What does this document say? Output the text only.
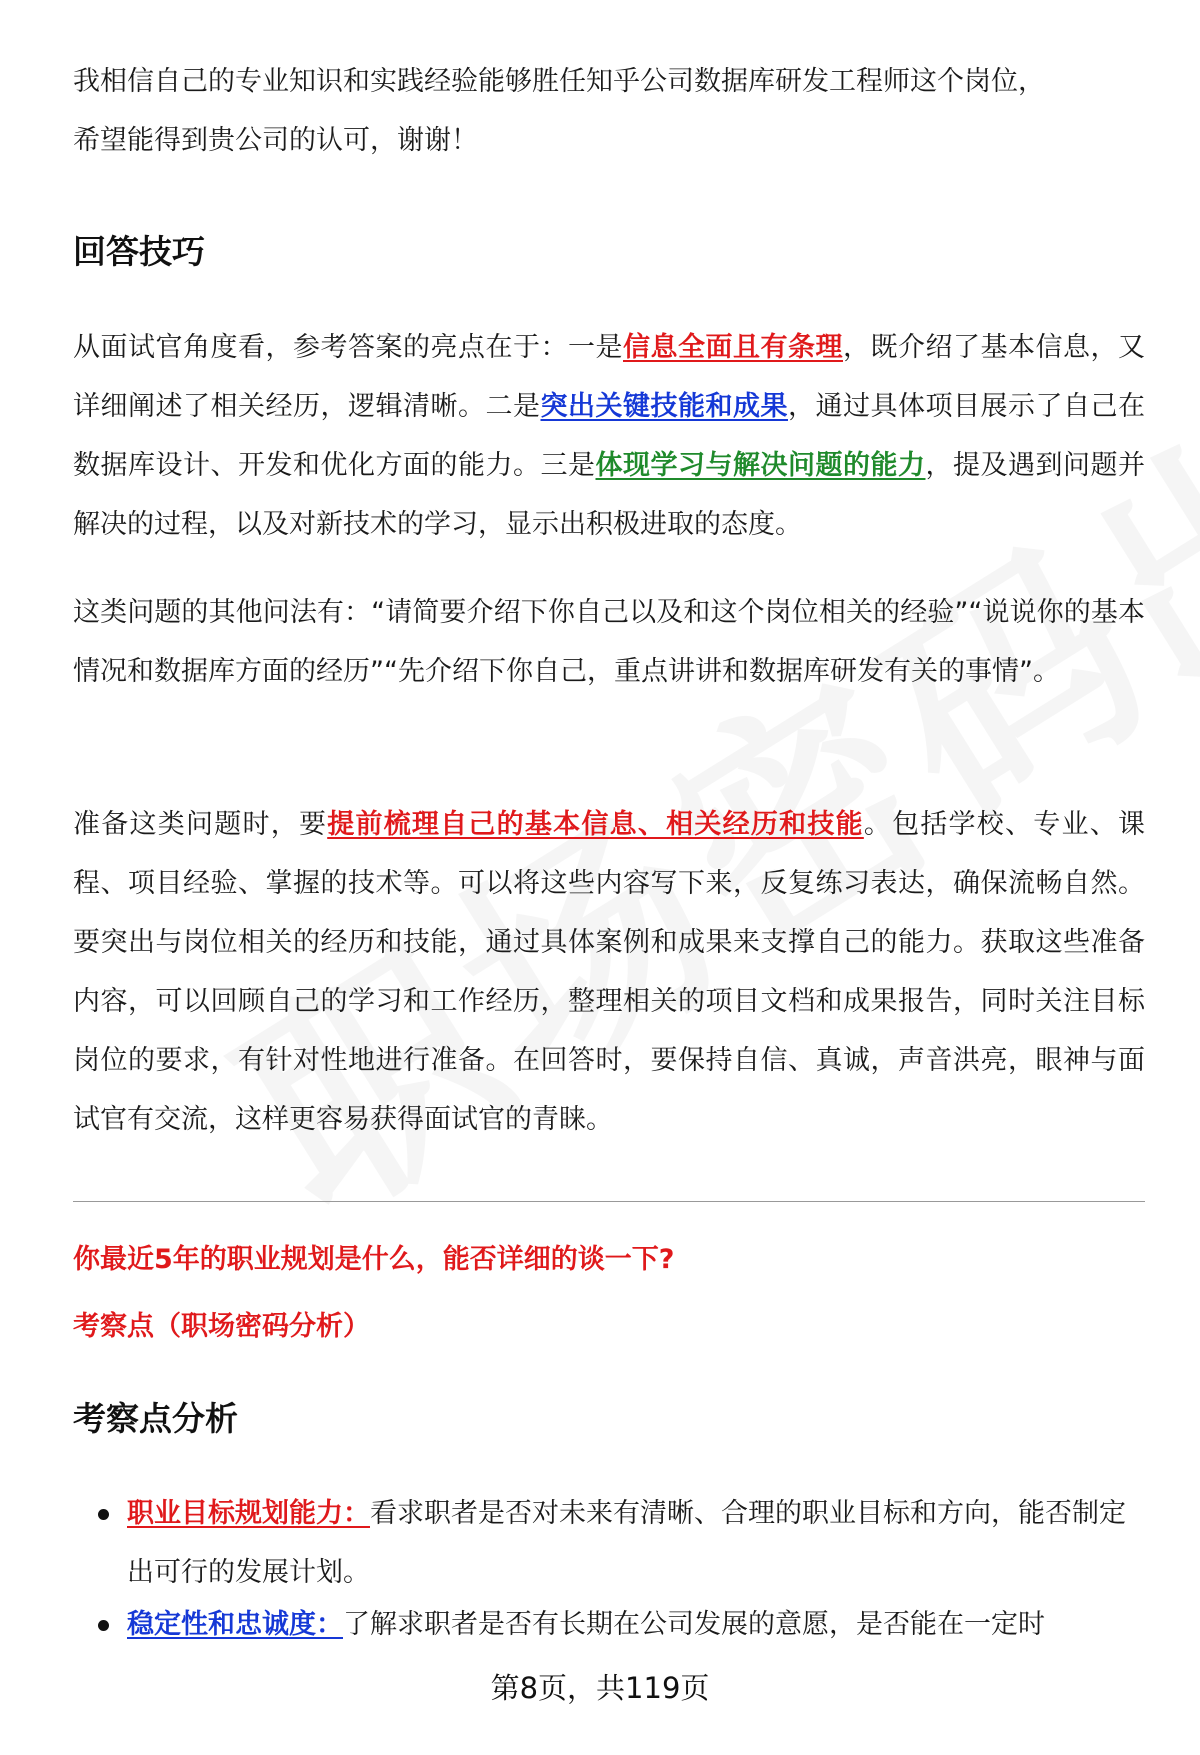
我相信自己的专业知识和实践经验能够胜任知乎公司数据库研发工程师这个岗位，
希望能得到贵公司的认可，谢谢！

回答技巧

从面试官角度看，参考答案的亮点在于：一是信息全面且有条理，既介绍了基本信息，又详细阐述了相关经历，逻辑清晰。二是突出关键技能和成果，通过具体项目展示了自己在数据库设计、开发和优化方面的能力。三是体现学习与解决问题的能力，提及遇到问题并解决的过程，以及对新技术的学习，显示出积极进取的态度。

这类问题的其他问法有：“请简要介绍下你自己以及和这个岗位相关的经验”“说说你的基本情况和数据库方面的经历”“先介绍下你自己，重点讲讲和数据库研发有关的事情”。

准备这类问题时，要提前梳理自己的基本信息、相关经历和技能。包括学校、专业、课程、项目经验、掌握的技术等。可以将这些内容写下来，反复练习表达，确保流畅自然。要突出与岗位相关的经历和技能，通过具体案例和成果来支撑自己的能力。获取这些准备内容，可以回顾自己的学习和工作经历，整理相关的项目文档和成果报告，同时关注目标岗位的要求，有针对性地进行准备。在回答时，要保持自信、真诚，声音洪亮，眼神与面试官有交流，这样更容易获得面试官的青睐。

你最近5年的职业规划是什么，能否详细的谈一下?
考察点（职场密码分析）
考察点分析

职业目标规划能力：看求职者是否对未来有清晰、合理的职业目标和方向，能否制定出可行的发展计划。

稳定性和忠诚度：了解求职者是否有长期在公司发展的意愿，是否能在一定时

第8页，共119页
